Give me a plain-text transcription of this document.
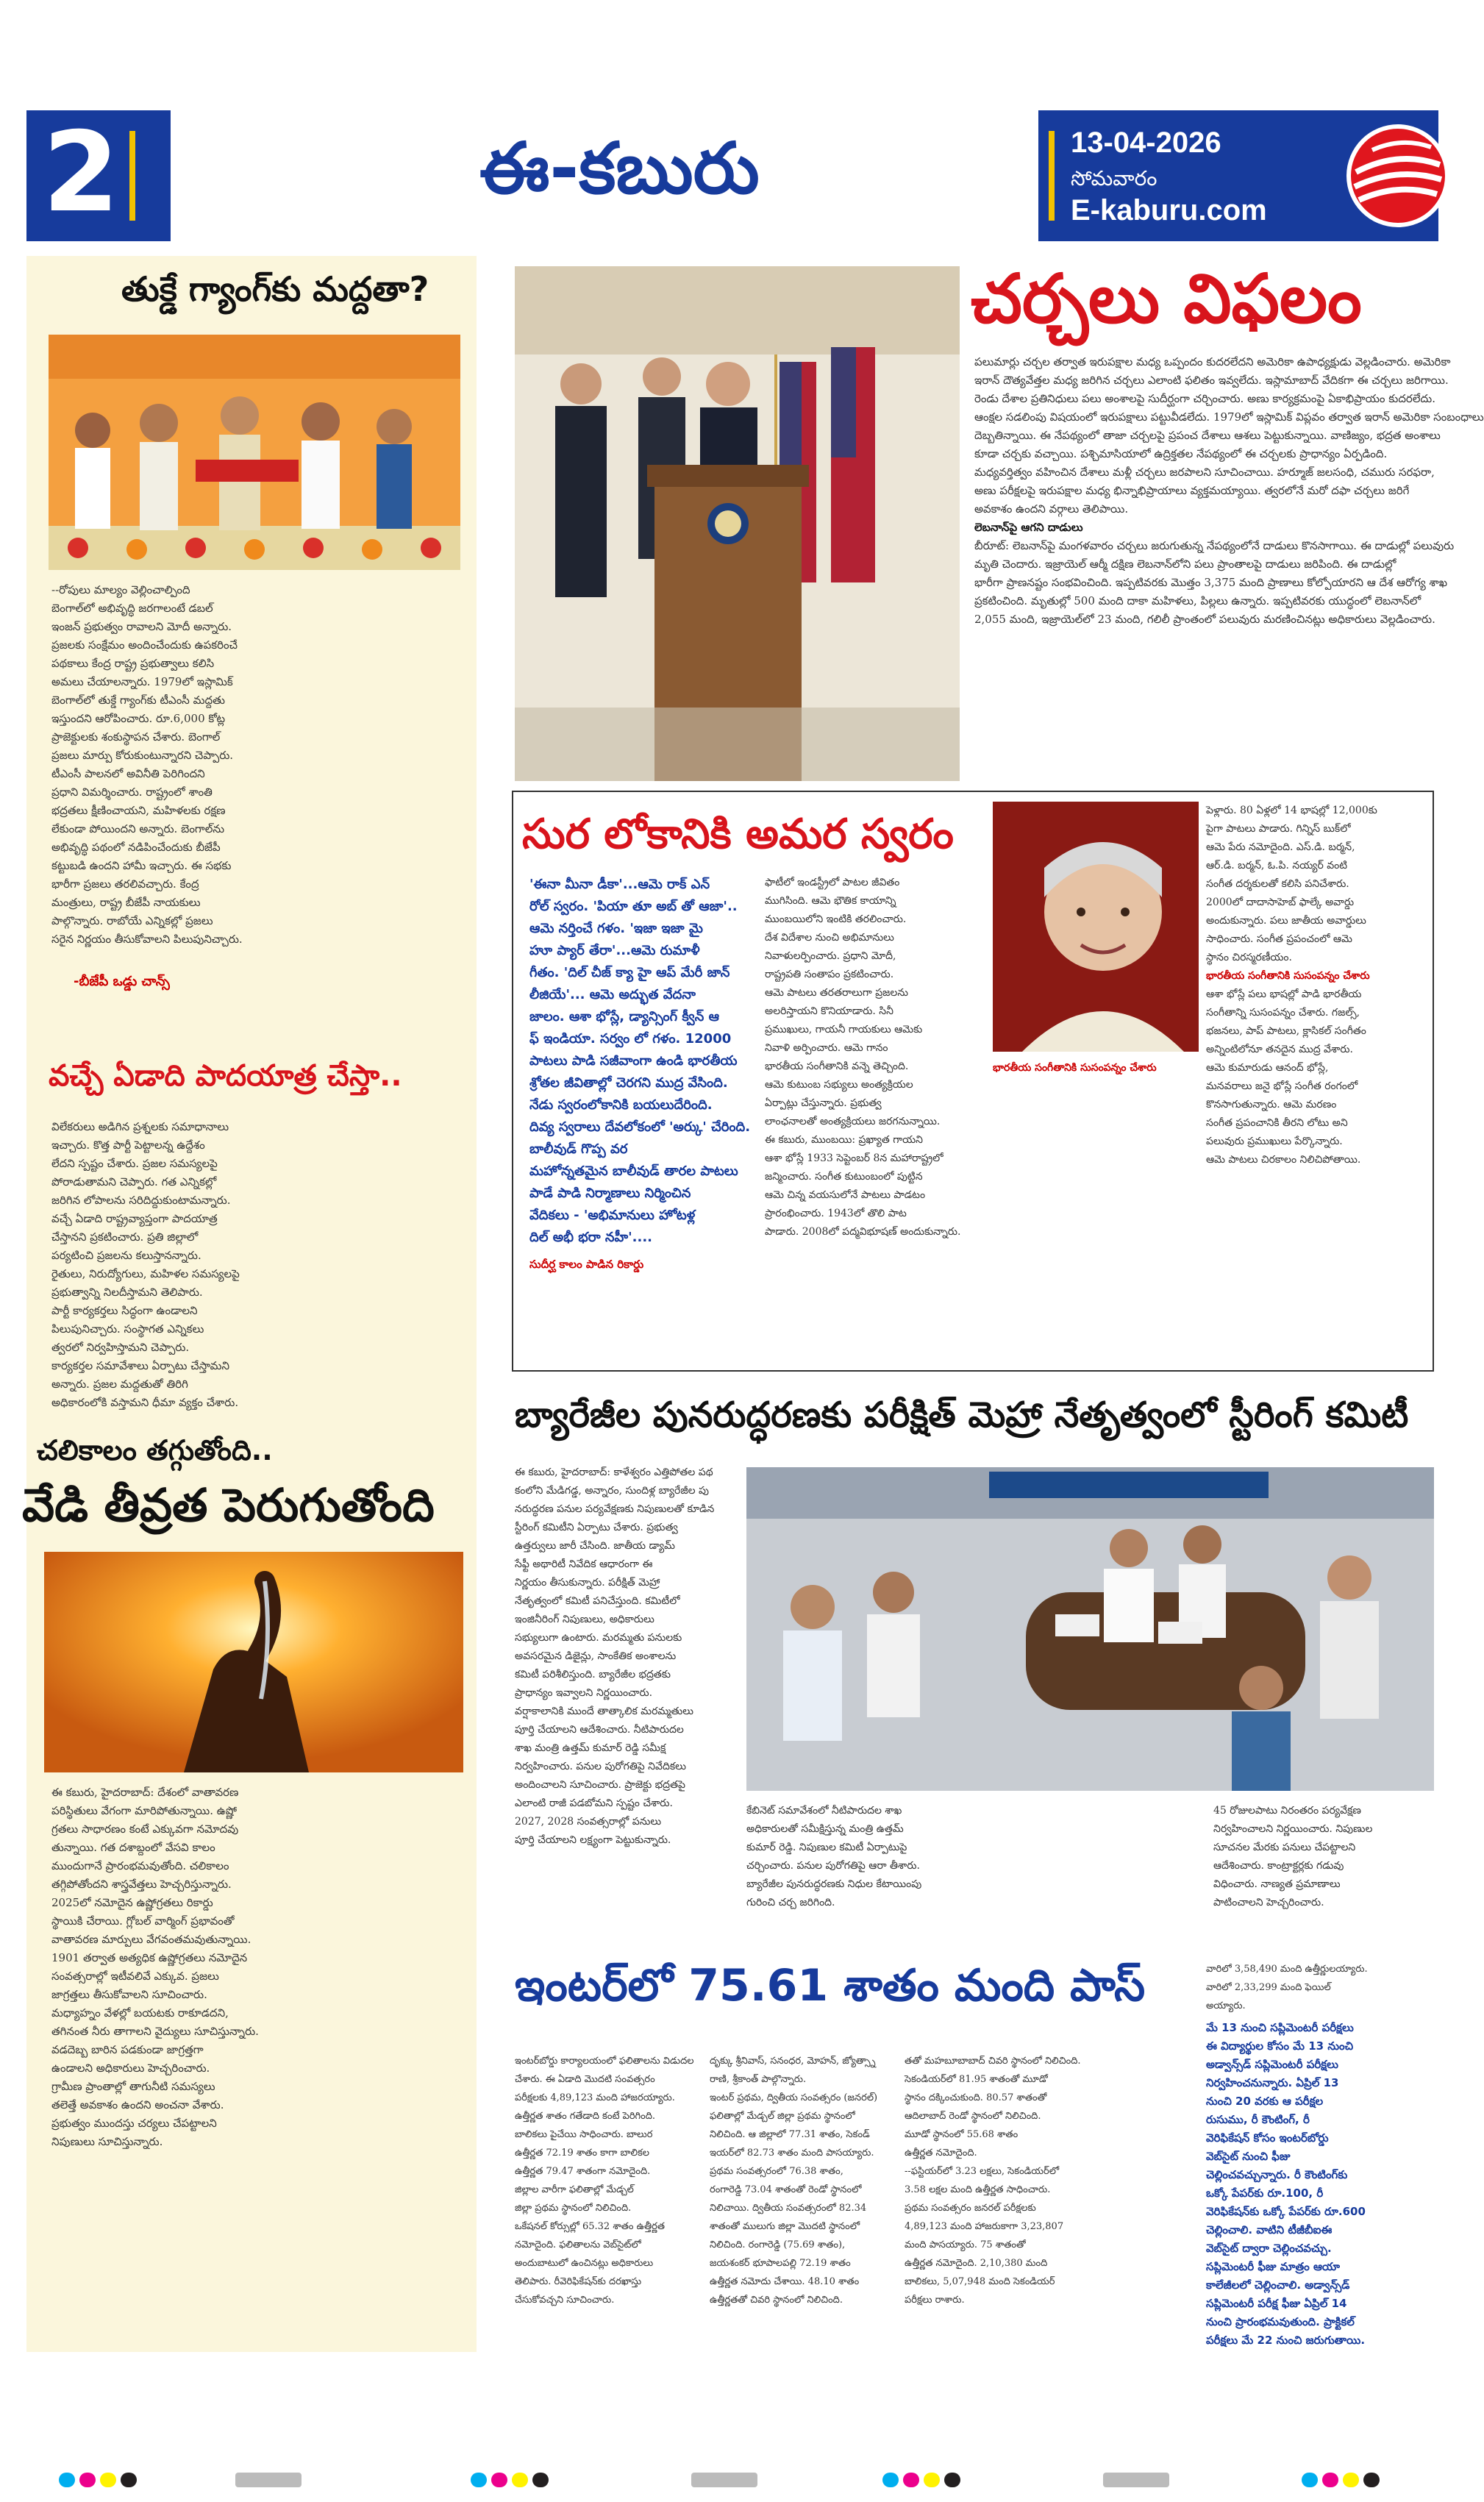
2	ఈ-కబురు	13-04-2026
సోమవారం
E-kaburu.com
తుక్డే గ్యాంగ్‌కు మద్దతా?
--రోపులు మాల్యం వెల్లించాల్పింది
బెంగాల్‌లో అభివృద్ధి జరగాలంటే డబల్
ఇంజన్ ప్రభుత్వం రావాలని మోదీ అన్నారు.
ప్రజలకు సంక్షేమం అందించేందుకు ఉపకరించే
పథకాలు కేంద్ర రాష్ట్ర ప్రభుత్వాలు కలిసి
అమలు చేయాలన్నారు. 1979లో ఇస్లామిక్
బెంగాల్‌లో తుక్డే గ్యాంగ్‌కు టీఎంసీ మద్దతు
ఇస్తుందని ఆరోపించారు. రూ.6,000 కోట్ల
ప్రాజెక్టులకు శంకుస్థాపన చేశారు. బెంగాల్
ప్రజలు మార్పు కోరుకుంటున్నారని చెప్పారు.
టీఎంసీ పాలనలో అవినీతి పెరిగిందని
ప్రధాని విమర్శించారు. రాష్ట్రంలో శాంతి
భద్రతలు క్షీణించాయని, మహిళలకు రక్షణ
లేకుండా పోయిందని అన్నారు. బెంగాల్‌ను
అభివృద్ధి పథంలో నడిపించేందుకు బీజేపీ
కట్టుబడి ఉందని హామీ ఇచ్చారు. ఈ సభకు
భారీగా ప్రజలు తరలివచ్చారు. కేంద్ర
మంత్రులు, రాష్ట్ర బీజేపీ నాయకులు
పాల్గొన్నారు. రాబోయే ఎన్నికల్లో ప్రజలు
సరైన నిర్ణయం తీసుకోవాలని పిలుపునిచ్చారు.
-బీజేపీ ఒడ్డు చాన్స్
వచ్చే ఏడాది పాదయాత్ర చేస్తా..
విలేకరులు అడిగిన ప్రశ్నలకు సమాధానాలు
ఇచ్చారు. కొత్త పార్టీ పెట్టాలన్న ఉద్దేశం
లేదని స్పష్టం చేశారు. ప్రజల సమస్యలపై
పోరాడుతామని చెప్పారు. గత ఎన్నికల్లో
జరిగిన లోపాలను సరిదిద్దుకుంటామన్నారు.
వచ్చే ఏడాది రాష్ట్రవ్యాప్తంగా పాదయాత్ర
చేస్తానని ప్రకటించారు. ప్రతి జిల్లాలో
పర్యటించి ప్రజలను కలుస్తానన్నారు.
రైతులు, నిరుద్యోగులు, మహిళల సమస్యలపై
ప్రభుత్వాన్ని నిలదీస్తామని తెలిపారు.
పార్టీ కార్యకర్తలు సిద్ధంగా ఉండాలని
పిలుపునిచ్చారు. సంస్థాగత ఎన్నికలు
త్వరలో నిర్వహిస్తామని చెప్పారు.
కార్యకర్తల సమావేశాలు ఏర్పాటు చేస్తామని
అన్నారు. ప్రజల మద్దతుతో తిరిగి
అధికారంలోకి వస్తామని ధీమా వ్యక్తం చేశారు.
చలికాలం తగ్గుతోంది..
వేడి తీవ్రత పెరుగుతోంది
ఈ కబురు, హైదరాబాద్: దేశంలో వాతావరణ
పరిస్థితులు వేగంగా మారిపోతున్నాయి. ఉష్ణో
గ్రతలు సాధారణం కంటే ఎక్కువగా నమోదవు
తున్నాయి. గత దశాబ్దంలో వేసవి కాలం
ముందుగానే ప్రారంభమవుతోంది. చలికాలం
తగ్గిపోతోందని శాస్త్రవేత్తలు హెచ్చరిస్తున్నారు.
2025లో నమోదైన ఉష్ణోగ్రతలు రికార్డు
స్థాయికి చేరాయి. గ్లోబల్ వార్మింగ్ ప్రభావంతో
వాతావరణ మార్పులు వేగవంతమవుతున్నాయి.
1901 తర్వాత అత్యధిక ఉష్ణోగ్రతలు నమోదైన
సంవత్సరాల్లో ఇటీవలివే ఎక్కువ. ప్రజలు
జాగ్రత్తలు తీసుకోవాలని సూచించారు.
మధ్యాహ్నం వేళల్లో బయటకు రాకూడదని,
తగినంత నీరు తాగాలని వైద్యులు సూచిస్తున్నారు.
వడదెబ్బ బారిన పడకుండా జాగ్రత్తగా
ఉండాలని అధికారులు హెచ్చరించారు.
గ్రామీణ ప్రాంతాల్లో తాగునీటి సమస్యలు
తలెత్తే అవకాశం ఉందని అంచనా వేశారు.
ప్రభుత్వం ముందస్తు చర్యలు చేపట్టాలని
నిపుణులు సూచిస్తున్నారు.
చర్చలు విఫలం
పలుమార్లు చర్చల తర్వాత ఇరుపక్షాల మధ్య ఒప్పందం కుదరలేదని అమెరికా ఉపాధ్యక్షుడు వెల్లడించారు. అమెరికా
ఇరాన్ దౌత్యవేత్తల మధ్య జరిగిన చర్చలు ఎలాంటి ఫలితం ఇవ్వలేదు. ఇస్లామాబాద్ వేదికగా ఈ చర్చలు జరిగాయి.
రెండు దేశాల ప్రతినిధులు పలు అంశాలపై సుదీర్ఘంగా చర్చించారు. అణు కార్యక్రమంపై ఏకాభిప్రాయం కుదరలేదు.
ఆంక్షల సడలింపు విషయంలో ఇరుపక్షాలు పట్టువీడలేదు. 1979లో ఇస్లామిక్ విప్లవం తర్వాత ఇరాన్ అమెరికా సంబంధాలు
దెబ్బతిన్నాయి. ఈ నేపథ్యంలో తాజా చర్చలపై ప్రపంచ దేశాలు ఆశలు పెట్టుకున్నాయి. వాణిజ్యం, భద్రత అంశాలు
కూడా చర్చకు వచ్చాయి. పశ్చిమాసియాలో ఉద్రిక్తతల నేపథ్యంలో ఈ చర్చలకు ప్రాధాన్యం ఏర్పడింది.
మధ్యవర్తిత్వం వహించిన దేశాలు మళ్లీ చర్చలు జరపాలని సూచించాయి. హర్మూజ్ జలసంధి, చమురు సరఫరా,
అణు పరీక్షలపై ఇరుపక్షాల మధ్య భిన్నాభిప్రాయాలు వ్యక్తమయ్యాయి. త్వరలోనే మరో దఫా చర్చలు జరిగే
అవకాశం ఉందని వర్గాలు తెలిపాయి.
లెబనాన్‌పై ఆగని దాడులు
బీరూట్: లెబనాన్‌పై మంగళవారం చర్చలు జరుగుతున్న నేపథ్యంలోనే దాడులు కొనసాగాయి. ఈ దాడుల్లో పలువురు
మృతి చెందారు. ఇజ్రాయెల్ ఆర్మీ దక్షిణ లెబనాన్‌లోని పలు ప్రాంతాలపై దాడులు జరిపింది. ఈ దాడుల్లో
భారీగా ప్రాణనష్టం సంభవించింది. ఇప్పటివరకు మొత్తం 3,375 మంది ప్రాణాలు కోల్పోయారని ఆ దేశ ఆరోగ్య శాఖ
ప్రకటించింది. మృతుల్లో 500 మంది దాకా మహిళలు, పిల్లలు ఉన్నారు. ఇప్పటివరకు యుద్ధంలో లెబనాన్‌లో
2,055 మంది, ఇజ్రాయెల్‌లో 23 మంది, గలిలీ ప్రాంతంలో పలువురు మరణించినట్లు అధికారులు వెల్లడించారు.
సుర లోకానికి అమర స్వరం
'ఈనా మీనా డీకా'...ఆమె రాక్ ఎన్
రోల్ స్వరం. 'పియా తూ అబ్ తో ఆజా'..
ఆమె నర్తించే గళం. 'ఇజా ఇజా మై
హూ ప్యార్ తేరా'...ఆమె రుమాళీ
గీతం. 'దిల్ చీజ్ క్యా హై ఆప్ మేరీ జాన్
లీజియే'... ఆమె అద్భుత వేదనా
జాలం. ఆశా భోస్లే, డ్యాన్సింగ్ క్వీన్ ఆ
ఫ్ ఇండియా. సర్వం లో గళం. 12000
పాటలు పాడి సజీవాంగా ఉండి భారతీయ
శ్రోతల జీవితాల్లో చెరగని ముద్ర వేసింది.
నేడు స్వరంలోకానికి బయలుదేరింది.
దివ్య స్వరాలు దేవలోకంలో 'అర్కు' చేరింది.
బాలీవుడ్ గొప్ప వర
మహోన్నతమైన బాలీవుడ్ తారల పాటలు
పాడే పాడి నిర్మాణాలు నిర్మించిన
వేదికలు - 'అభిమానులు హోటళ్ల
దిల్ అభీ భరా నహీ'....
సుదీర్ఘ కాలం పాడిన రికార్డు
ఫాటీలో ఇండస్ట్రీలో పాటల జీవితం
ముగిసింది. ఆమె భౌతిక కాయాన్ని
ముంబయిలోని ఇంటికి తరలించారు.
దేశ విదేశాల నుంచి అభిమానులు
నివాళులర్పించారు. ప్రధాని మోదీ,
రాష్ట్రపతి సంతాపం ప్రకటించారు.
ఆమె పాటలు తరతరాలుగా ప్రజలను
అలరిస్తాయని కొనియాడారు. సినీ
ప్రముఖులు, గాయనీ గాయకులు ఆమెకు
నివాళి అర్పించారు. ఆమె గానం
భారతీయ సంగీతానికి వన్నె తెచ్చింది.
ఆమె కుటుంబ సభ్యులు అంత్యక్రియల
ఏర్పాట్లు చేస్తున్నారు. ప్రభుత్వ
లాంఛనాలతో అంత్యక్రియలు జరగనున్నాయి.
ఈ కబురు, ముంబయి: ప్రఖ్యాత గాయని
ఆశా భోస్లే 1933 సెప్టెంబర్ 8న మహారాష్ట్రలో
జన్మించారు. సంగీత కుటుంబంలో పుట్టిన
ఆమె చిన్న వయసులోనే పాటలు పాడటం
ప్రారంభించారు. 1943లో తొలి పాట
పాడారు. 2008లో పద్మవిభూషణ్ అందుకున్నారు.
పెళ్లారు. 80 ఏళ్లలో 14 భాషల్లో 12,000కు
పైగా పాటలు పాడారు. గిన్నిస్ బుక్‌లో
ఆమె పేరు నమోదైంది. ఎస్.డి. బర్మన్,
ఆర్.డి. బర్మన్, ఓ.పి. నయ్యర్ వంటి
సంగీత దర్శకులతో కలిసి పనిచేశారు.
2000లో దాదాసాహెబ్ ఫాల్కే అవార్డు
అందుకున్నారు. పలు జాతీయ అవార్డులు
సాధించారు. సంగీత ప్రపంచంలో ఆమె
స్థానం చిరస్మరణీయం.
భారతీయ సంగీతానికి సుసంపన్నం చేశారు
ఆశా భోస్లే పలు భాషల్లో పాడి భారతీయ
సంగీతాన్ని సుసంపన్నం చేశారు. గజల్స్,
భజనలు, పాప్ పాటలు, క్లాసికల్ సంగీతం
అన్నింటిలోనూ తనదైన ముద్ర వేశారు.
ఆమె కుమారుడు ఆనంద్ భోస్లే,
మనవరాలు జనై భోస్లే సంగీత రంగంలో
కొనసాగుతున్నారు. ఆమె మరణం
సంగీత ప్రపంచానికి తీరని లోటు అని
పలువురు ప్రముఖులు పేర్కొన్నారు.
ఆమె పాటలు చిరకాలం నిలిచిపోతాయి.
భారతీయ సంగీతానికి సుసంపన్నం చేశారు
బ్యారేజీల పునరుద్ధరణకు పరీక్షిత్ మెహ్రా నేతృత్వంలో స్టీరింగ్ కమిటీ
ఈ కబురు, హైదరాబాద్: కాళేశ్వరం ఎత్తిపోతల పథ
కంలోని మేడిగడ్డ, అన్నారం, సుందిళ్ల బ్యారేజీల పు
నరుద్ధరణ పనుల పర్యవేక్షణకు నిపుణులతో కూడిన
స్టీరింగ్ కమిటీని ఏర్పాటు చేశారు. ప్రభుత్వ
ఉత్తర్వులు జారీ చేసింది. జాతీయ డ్యామ్
సేఫ్టీ అథారిటీ నివేదిక ఆధారంగా ఈ
నిర్ణయం తీసుకున్నారు. పరీక్షిత్ మెహ్రా
నేతృత్వంలో కమిటీ పనిచేస్తుంది. కమిటీలో
ఇంజినీరింగ్ నిపుణులు, అధికారులు
సభ్యులుగా ఉంటారు. మరమ్మతు పనులకు
అవసరమైన డిజైన్లు, సాంకేతిక అంశాలను
కమిటీ పరిశీలిస్తుంది. బ్యారేజీల భద్రతకు
ప్రాధాన్యం ఇవ్వాలని నిర్ణయించారు.
వర్షాకాలానికి ముందే తాత్కాలిక మరమ్మతులు
పూర్తి చేయాలని ఆదేశించారు. నీటిపారుదల
శాఖ మంత్రి ఉత్తమ్ కుమార్ రెడ్డి సమీక్ష
నిర్వహించారు. పనుల పురోగతిపై నివేదికలు
అందించాలని సూచించారు. ప్రాజెక్టు భద్రతపై
ఎలాంటి రాజీ పడబోమని స్పష్టం చేశారు.
2027, 2028 సంవత్సరాల్లో పనులు
పూర్తి చేయాలని లక్ష్యంగా పెట్టుకున్నారు.
కేబినెట్ సమావేశంలో నీటిపారుదల శాఖ
అధికారులతో సమీక్షిస్తున్న మంత్రి ఉత్తమ్
కుమార్ రెడ్డి. నిపుణుల కమిటీ ఏర్పాటుపై
చర్చించారు. పనుల పురోగతిపై ఆరా తీశారు.
బ్యారేజీల పునరుద్ధరణకు నిధుల కేటాయింపు
గురించి చర్చ జరిగింది.
45 రోజులపాటు నిరంతరం పర్యవేక్షణ
నిర్వహించాలని నిర్ణయించారు. నిపుణుల
సూచనల మేరకు పనులు చేపట్టాలని
ఆదేశించారు. కాంట్రాక్టర్లకు గడువు
విధించారు. నాణ్యత ప్రమాణాలు
పాటించాలని హెచ్చరించారు.
ఇంటర్‌లో 75.61 శాతం మంది పాస్
ఇంటర్‌బోర్డు కార్యాలయంలో ఫలితాలను విడుదల
చేశారు. ఈ ఏడాది మొదటి సంవత్సరం
పరీక్షలకు 4,89,123 మంది హాజరయ్యారు.
ఉత్తీర్ణత శాతం గతేడాది కంటే పెరిగింది.
బాలికలు పైచేయి సాధించారు. బాలుర
ఉత్తీర్ణత 72.19 శాతం కాగా బాలికల
ఉత్తీర్ణత 79.47 శాతంగా నమోదైంది.
జిల్లాల వారీగా ఫలితాల్లో మేడ్చల్
జిల్లా ప్రథమ స్థానంలో నిలిచింది.
ఒకేషనల్ కోర్సుల్లో 65.32 శాతం ఉత్తీర్ణత
నమోదైంది. ఫలితాలను వెబ్‌సైట్‌లో
అందుబాటులో ఉంచినట్లు అధికారులు
తెలిపారు. రీవెరిఫికేషన్‌కు దరఖాస్తు
చేసుకోవచ్చని సూచించారు.
దృక్కు శ్రీనివాస్, సనంధర, మోహన్, జ్యోత్స్నా
రాణి, శ్రీకాంత్ పాల్గొన్నారు.
ఇంటర్ ప్రథమ, ద్వితీయ సంవత్సరం (జనరల్)
ఫలితాల్లో మేడ్చల్ జిల్లా ప్రథమ స్థానంలో
నిలిచింది. ఆ జిల్లాలో 77.31 శాతం, సెకండ్
ఇయర్‌లో 82.73 శాతం మంది పాసయ్యారు.
ప్రథమ సంవత్సరంలో 76.38 శాతం,
రంగారెడ్డి 73.04 శాతంతో రెండో స్థానంలో
నిలిచాయి. ద్వితీయ సంవత్సరంలో 82.34
శాతంతో ములుగు జిల్లా మొదటి స్థానంలో
నిలిచింది. రంగారెడ్డి (75.69 శాతం),
జయశంకర్ భూపాలపల్లి 72.19 శాతం
ఉత్తీర్ణత నమోదు చేశాయి. 48.10 శాతం
ఉత్తీర్ణతతో చివరి స్థానంలో నిలిచింది.
తతో మహబూబాబాద్ చివరి స్థానంలో నిలిచింది.
సెకండియర్‌లో 81.95 శాతంతో మూడో
స్థానం దక్కించుకుంది. 80.57 శాతంతో
ఆదిలాబాద్ రెండో స్థానంలో నిలిచింది.
మూడో స్థానంలో 55.68 శాతం
ఉత్తీర్ణత నమోదైంది.
--ఫస్టియర్‌లో 3.23 లక్షలు, సెకండియర్‌లో
3.58 లక్షల మంది ఉత్తీర్ణత సాధించారు.
ప్రథమ సంవత్సరం జనరల్ పరీక్షలకు
4,89,123 మంది హాజరుకాగా 3,23,807
మంది పాసయ్యారు. 75 శాతంతో
ఉత్తీర్ణత నమోదైంది. 2,10,380 మంది
బాలికలు, 5,07,948 మంది సెకండియర్
పరీక్షలు రాశారు.
వారిలో 3,58,490 మంది ఉత్తీర్ణులయ్యారు.
వారిలో 2,33,299 మంది ఫెయిల్
అయ్యారు.
మే 13 నుంచి సప్లిమెంటరీ పరీక్షలు
ఈ విద్యార్థుల కోసం మే 13 నుంచి
అడ్వాన్స్‌డ్ సప్లిమెంటరీ పరీక్షలు
నిర్వహించనున్నారు. ఏప్రిల్ 13
నుంచి 20 వరకు ఆ పరీక్షల
రుసుము, రీ కౌంటింగ్, రీ
వెరిఫికేషన్ కోసం ఇంటర్‌బోర్డు
వెబ్‌సైట్ నుంచి ఫీజు
చెల్లించవచ్చున్నారు. రీ కౌంటింగ్‌కు
ఒక్కో పేపర్‌కు రూ.100, రీ
వెరిఫికేషన్‌కు ఒక్కో పేపర్‌కు రూ.600
చెల్లించాలి. వాటిని టీజీబీఐఈ
వెబ్‌సైట్ ద్వారా చెల్లించవచ్చు.
సప్లిమెంటరీ ఫీజు మాత్రం ఆయా
కాలేజీలలో చెల్లించాలి. అడ్వాన్స్‌డ్
సప్లిమెంటరీ పరీక్ష ఫీజు ఏప్రిల్ 14
నుంచి ప్రారంభమవుతుంది. ప్రాక్టికల్
పరీక్షలు మే 22 నుంచి జరుగుతాయి.
